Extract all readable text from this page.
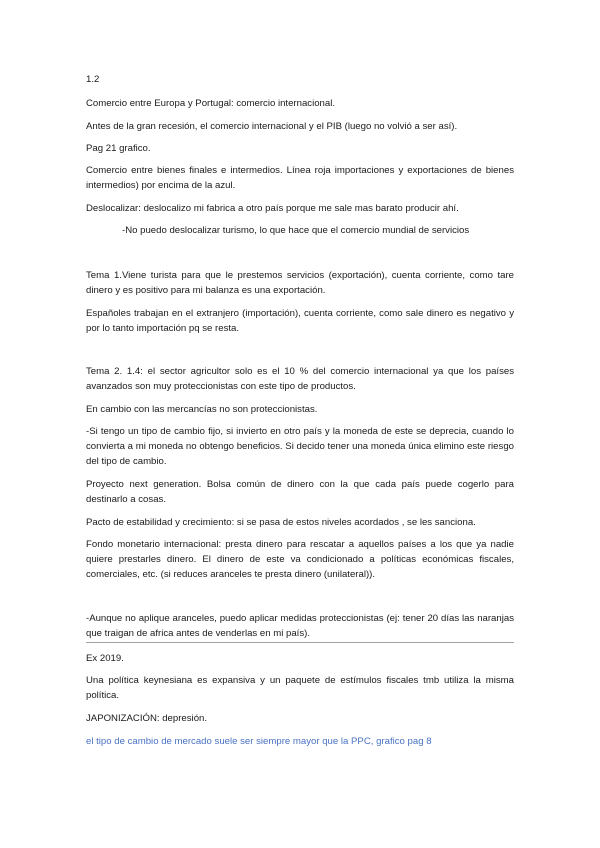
1.2

Comercio entre Europa y Portugal: comercio internacional.

Antes de la gran recesión, el comercio internacional y el PIB (luego no volvió a ser así).

Pag 21 grafico.

Comercio entre bienes finales e intermedios. Línea roja importaciones y exportaciones de bienes intermedios) por encima de la azul.

Deslocalizar: deslocalizo mi fabrica a otro país porque me sale mas barato producir ahí.

-No puedo deslocalizar turismo, lo que hace que el comercio mundial de servicios

Tema 1.Viene turista para que le prestemos servicios (exportación), cuenta corriente, como tare dinero y es positivo para mi balanza es una exportación.

Españoles trabajan en el extranjero (importación), cuenta corriente, como sale dinero es negativo y por lo tanto importación pq se resta.

Tema 2. 1.4: el sector agricultor solo es el 10 % del comercio internacional ya que los países avanzados son muy proteccionistas con este tipo de productos.

En cambio con las mercancías no son proteccionistas.

-Si tengo un tipo de cambio fijo, si invierto en otro país y la moneda de este se deprecia, cuando lo convierta a mi moneda no obtengo beneficios. Si decido tener una moneda única elimino este riesgo del tipo de cambio.

Proyecto next generation. Bolsa común de dinero con la que cada país puede cogerlo para destinarlo a cosas.

Pacto de estabilidad y crecimiento: si se pasa de estos niveles acordados , se les sanciona.

Fondo monetario internacional: presta dinero para rescatar a aquellos países a los que ya nadie quiere prestarles dinero. El dinero de este va condicionado a políticas económicas fiscales, comerciales, etc. (si reduces aranceles te presta dinero (unilateral)).

-Aunque no aplique aranceles, puedo aplicar medidas proteccionistas (ej: tener 20 días las naranjas que traigan de africa antes de venderlas en mi país).

Ex 2019.

Una política keynesiana es expansiva y un paquete de estímulos fiscales tmb utiliza la misma política.

JAPONIZACIÓN: depresión.

el tipo de cambio de mercado suele ser siempre mayor que la PPC, grafico pag 8
